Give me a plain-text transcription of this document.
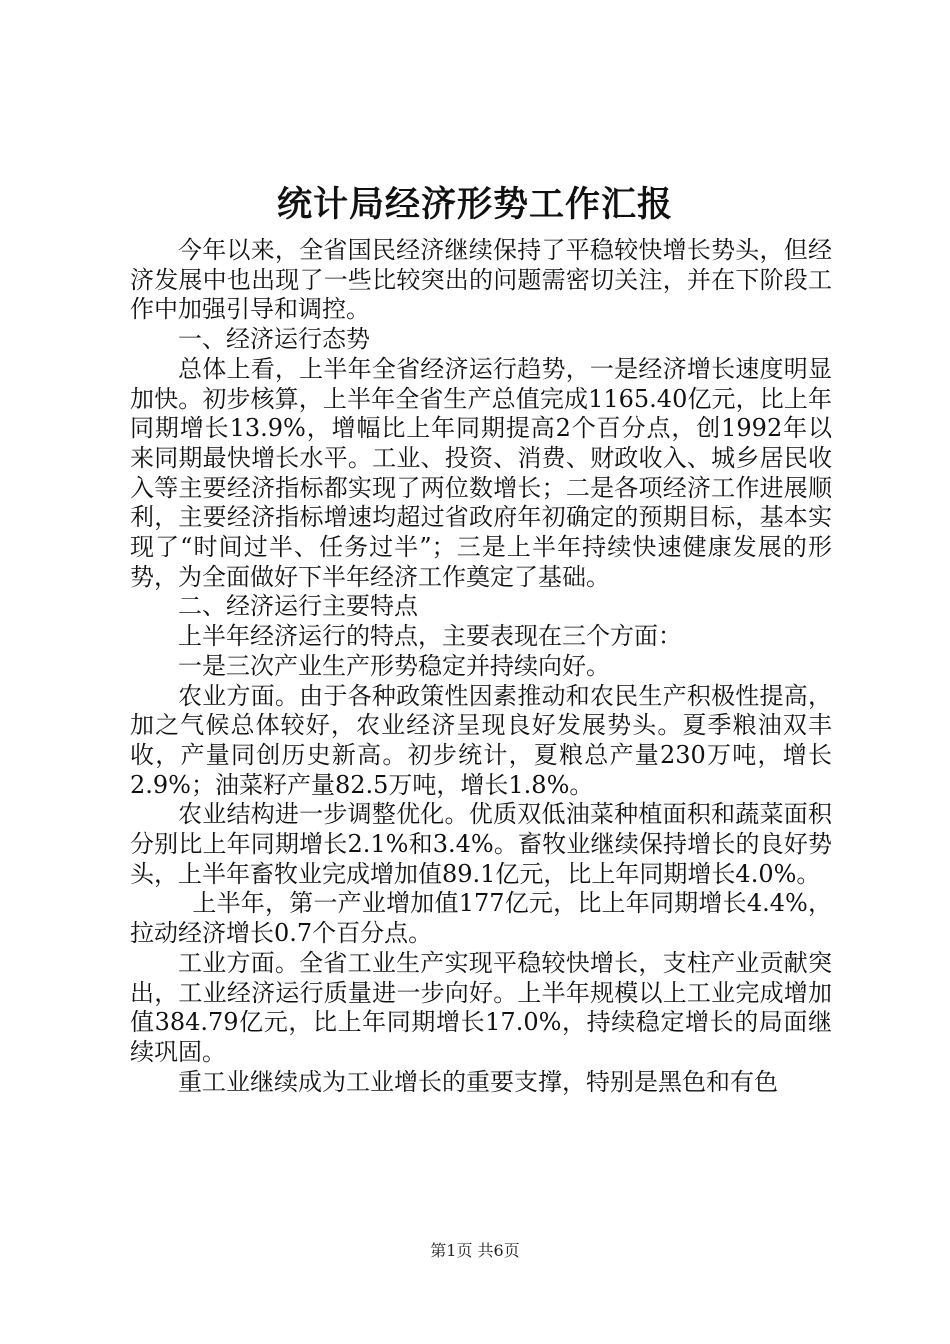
统计局经济形势工作汇报

今年以来，全省国民经济继续保持了平稳较快增长势头，但经济发展中也出现了一些比较突出的问题需密切关注，并在下阶段工作中加强引导和调控。

一、经济运行态势

总体上看，上半年全省经济运行趋势，一是经济增长速度明显加快。初步核算，上半年全省生产总值完成1165.40亿元，比上年同期增长13.9%，增幅比上年同期提高2个百分点，创1992年以来同期最快增长水平。工业、投资、消费、财政收入、城乡居民收入等主要经济指标都实现了两位数增长；二是各项经济工作进展顺利，主要经济指标增速均超过省政府年初确定的预期目标，基本实现了“时间过半、任务过半”；三是上半年持续快速健康发展的形势，为全面做好下半年经济工作奠定了基础。

二、经济运行主要特点

上半年经济运行的特点，主要表现在三个方面：

一是三次产业生产形势稳定并持续向好。

农业方面。由于各种政策性因素推动和农民生产积极性提高，加之气候总体较好，农业经济呈现良好发展势头。夏季粮油双丰收，产量同创历史新高。初步统计，夏粮总产量230万吨，增长2.9%；油菜籽产量82.5万吨，增长1.8%。

农业结构进一步调整优化。优质双低油菜种植面积和蔬菜面积分别比上年同期增长2.1%和3.4%。畜牧业继续保持增长的良好势头，上半年畜牧业完成增加值89.1亿元，比上年同期增长4.0%。

上半年，第一产业增加值177亿元，比上年同期增长4.4%，拉动经济增长0.7个百分点。

工业方面。全省工业生产实现平稳较快增长，支柱产业贡献突出，工业经济运行质量进一步向好。上半年规模以上工业完成增加值384.79亿元，比上年同期增长17.0%，持续稳定增长的局面继续巩固。

重工业继续成为工业增长的重要支撑，特别是黑色和有色

第1页 共6页
